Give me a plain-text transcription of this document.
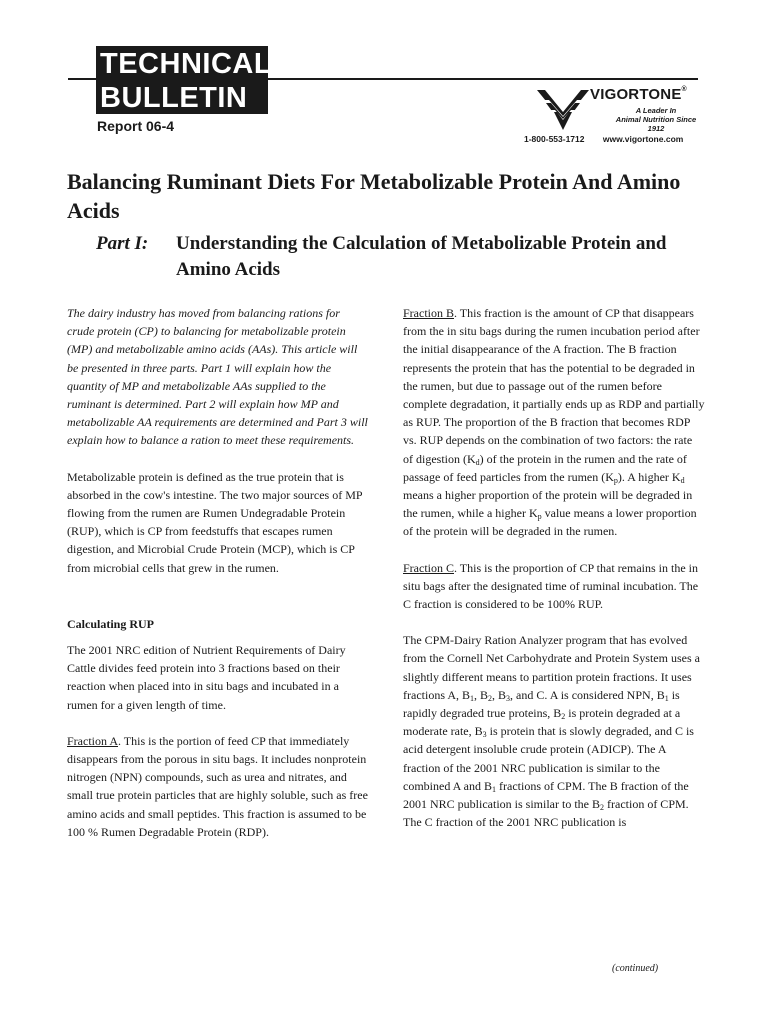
TECHNICAL
BULLETIN
Report 06-4
VIGORTONE®
A Leader In
Animal Nutrition Since 1912
1-800-553-1712 www.vigortone.com
Balancing Ruminant Diets For Metabolizable Protein And Amino Acids
Part I: Understanding the Calculation of Metabolizable Protein and Amino Acids

The dairy industry has moved from balancing rations for crude protein (CP) to balancing for metabolizable protein (MP) and metabolizable amino acids (AAs). This article will be presented in three parts. Part 1 will explain how the quantity of MP and metabolizable AAs supplied to the ruminant is determined. Part 2 will explain how MP and metabolizable AA requirements are determined and Part 3 will explain how to balance a ration to meet these requirements.

Metabolizable protein is defined as the true protein that is absorbed in the cow's intestine. The two major sources of MP flowing from the rumen are Rumen Undegradable Protein (RUP), which is CP from feedstuffs that escapes rumen digestion, and Microbial Crude Protein (MCP), which is CP from microbial cells that grew in the rumen.

Calculating RUP

The 2001 NRC edition of Nutrient Requirements of Dairy Cattle divides feed protein into 3 fractions based on their reaction when placed into in situ bags and incubated in a rumen for a given length of time.

Fraction A. This is the portion of feed CP that immediately disappears from the porous in situ bags. It includes nonprotein nitrogen (NPN) compounds, such as urea and nitrates, and small true protein particles that are highly soluble, such as free amino acids and small peptides. This fraction is assumed to be 100 % Rumen Degradable Protein (RDP).

Fraction B. This fraction is the amount of CP that disappears from the in situ bags during the rumen incubation period after the initial disappearance of the A fraction. The B fraction represents the protein that has the potential to be degraded in the rumen, but due to passage out of the rumen before complete degradation, it partially ends up as RDP and partially as RUP. The proportion of the B fraction that becomes RDP vs. RUP depends on the combination of two factors: the rate of digestion $(K_d)$ of the protein in the rumen and the rate of passage of feed particles from the rumen $(K_p)$. A higher $K_d$ means a higher proportion of the protein will be degraded in the rumen, while a higher $K_p$ value means a lower proportion of the protein will be degraded in the rumen.

Fraction C. This is the proportion of CP that remains in the in situ bags after the designated time of ruminal incubation. The C fraction is considered to be 100% RUP.

The CPM-Dairy Ration Analyzer program that has evolved from the Cornell Net Carbohydrate and Protein System uses a slightly different means to partition protein fractions. It uses fractions A, $B_1$, $B_2$, $B_3$, and C. A is considered NPN, $B_1$ is rapidly degraded true proteins, $B_2$ is protein degraded at a moderate rate, $B_3$ is protein that is slowly degraded, and C is acid detergent insoluble crude protein (ADICP). The A fraction of the 2001 NRC publication is similar to the combined A and $B_1$ fractions of CPM. The B fraction of the 2001 NRC publication is similar to the $B_2$ fraction of CPM. The C fraction of the 2001 NRC publication is

(continued)
